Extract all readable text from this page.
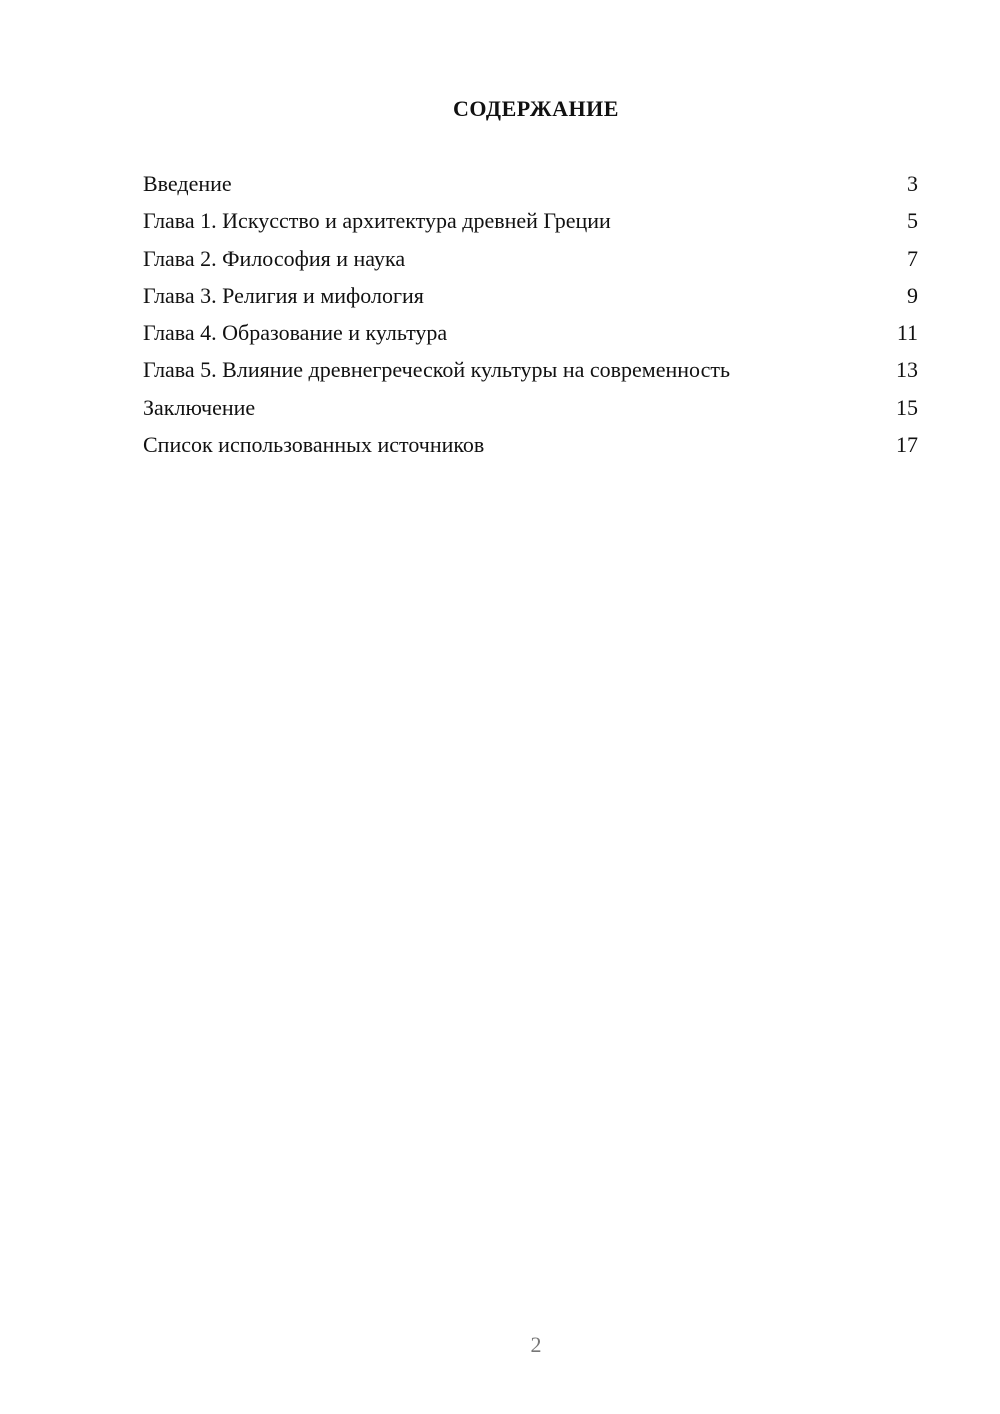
СОДЕРЖАНИЕ
Введение	3
Глава 1. Искусство и архитектура древней Греции	5
Глава 2. Философия и наука	7
Глава 3. Религия и мифология	9
Глава 4. Образование и культура	11
Глава 5. Влияние древнегреческой культуры на современность	13
Заключение	15
Список использованных источников	17
2
